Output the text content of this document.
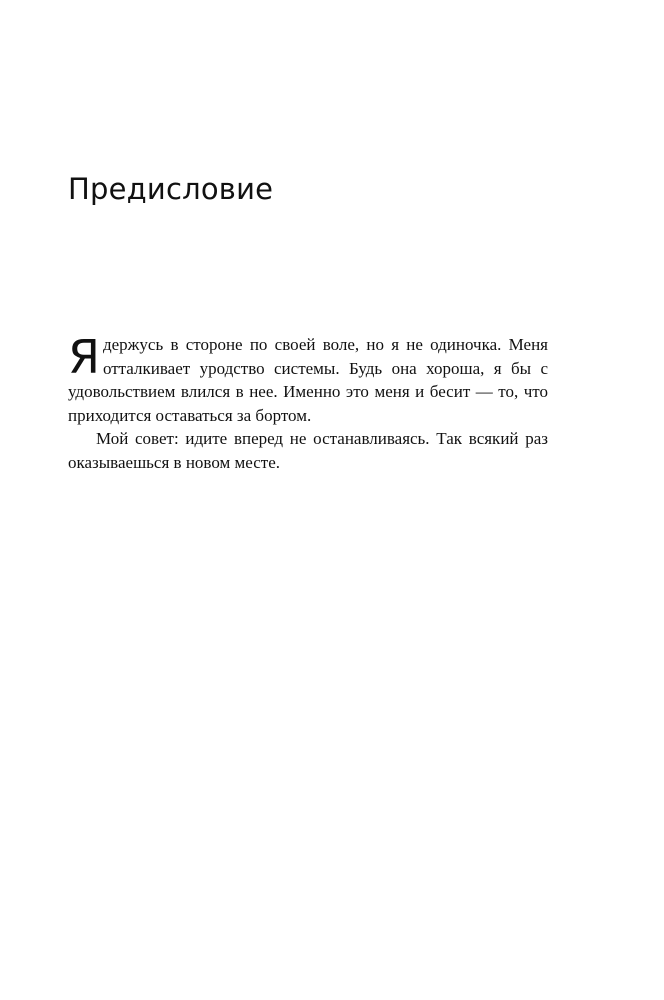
Предисловие

Ядержусь в стороне по своей воле, но я не одиночка. Меня отталкивает уродство системы. Будь она хороша, я бы с удовольствием влился в нее. Именно это меня и бесит — то, что приходится оставаться за бортом.

Мой совет: идите вперед не останавливаясь. Так всякий раз оказываешься в новом месте.
